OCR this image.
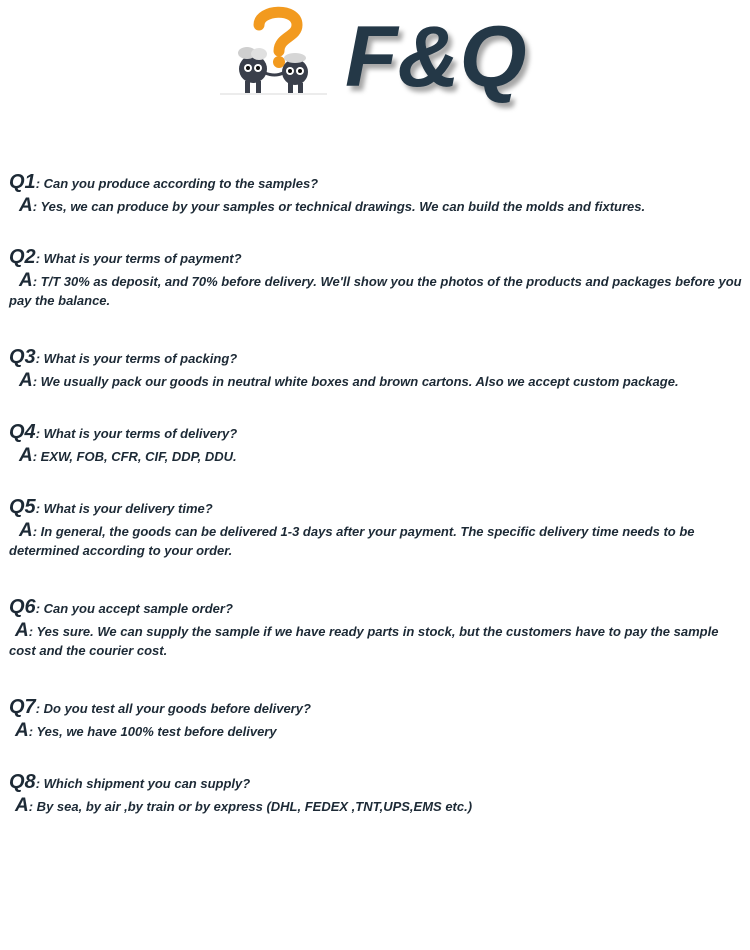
F&Q

Q1: Can you produce according to the samples?

A: Yes, we can produce by your samples or technical drawings. We can build the molds and fixtures.

Q2: What is your terms of payment?

A: T/T 30% as deposit, and 70% before delivery. We'll show you the photos of the products and packages before you pay the balance.

Q3: What is your terms of packing?

A: We usually pack our goods in neutral white boxes and brown cartons. Also we accept custom package.

Q4: What is your terms of delivery?

A: EXW, FOB, CFR, CIF, DDP, DDU.

Q5: What is your delivery time?

A: In general, the goods can be delivered 1-3 days after your payment. The specific delivery time needs to be determined according to your order.

Q6: Can you accept sample order?

A: Yes sure. We can supply the sample if we have ready parts in stock, but the customers have to pay the sample cost and the courier cost.

Q7: Do you test all your goods before delivery?

A: Yes, we have 100% test before delivery

Q8: Which shipment you can supply?

A: By sea, by air ,by train or by express (DHL, FEDEX ,TNT,UPS,EMS etc.)
